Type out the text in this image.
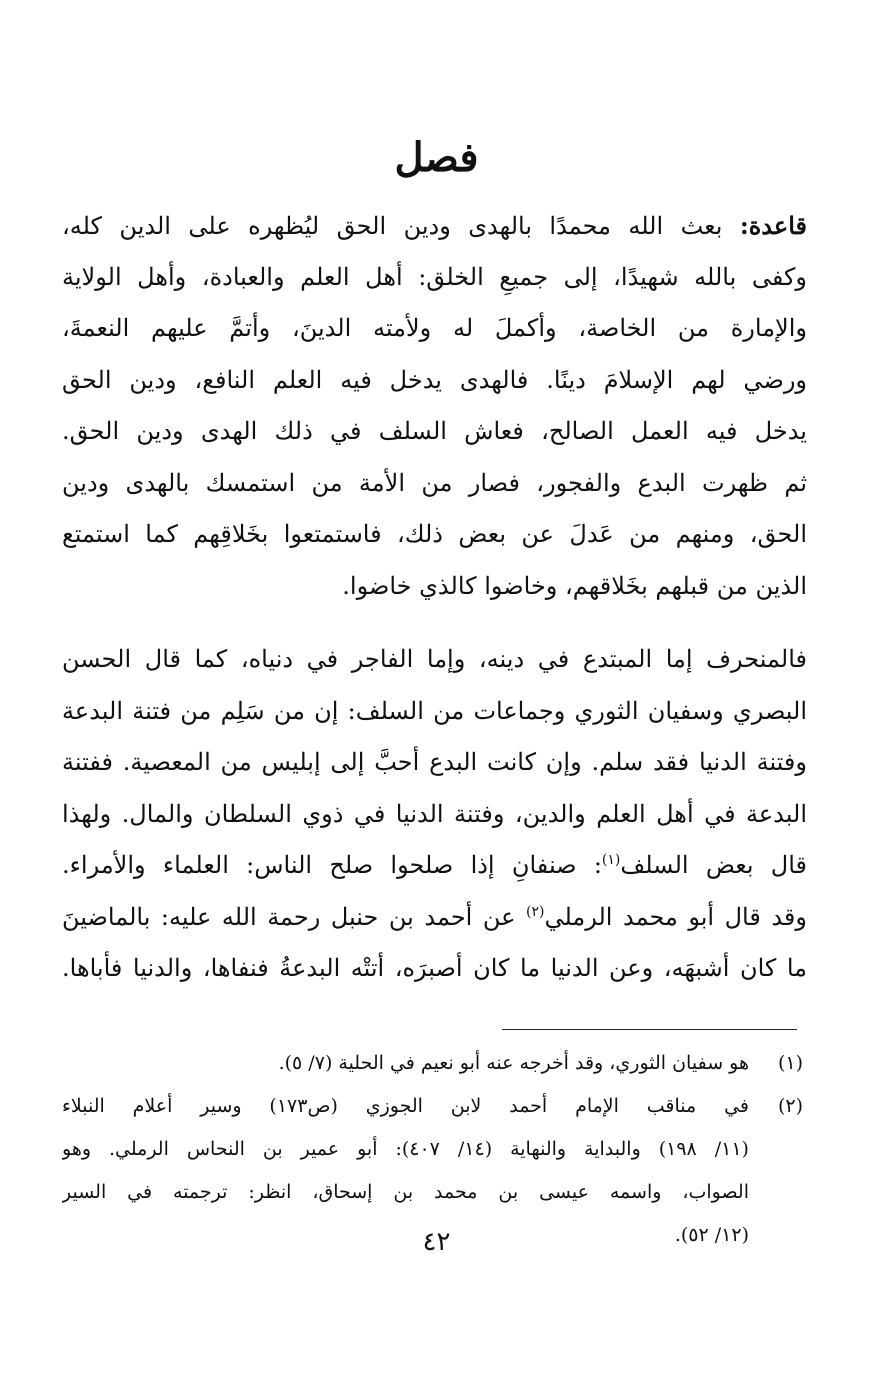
فصل
قاعدة: بعث الله محمدًا بالهدى ودين الحق ليُظهره على الدين كله،
وكفى بالله شهيدًا، إلى جميعِ الخلق: أهل العلم والعبادة، وأهل الولاية
والإمارة من الخاصة، وأكملَ له ولأمته الدينَ، وأتمَّ عليهم النعمةَ،
ورضي لهم الإسلامَ دينًا. فالهدى يدخل فيه العلم النافع، ودين الحق
يدخل فيه العمل الصالح، فعاش السلف في ذلك الهدى ودين الحق.
ثم ظهرت البدع والفجور، فصار من الأمة من استمسك بالهدى ودين
الحق، ومنهم من عَدلَ عن بعض ذلك، فاستمتعوا بخَلاقِهم كما استمتع
الذين من قبلهم بخَلاقهم، وخاضوا كالذي خاضوا.
فالمنحرف إما المبتدع في دينه، وإما الفاجر في دنياه، كما قال الحسن
البصري وسفيان الثوري وجماعات من السلف: إن من سَلِم من فتنة البدعة
وفتنة الدنيا فقد سلم. وإن كانت البدع أحبَّ إلى إبليس من المعصية. ففتنة
البدعة في أهل العلم والدين، وفتنة الدنيا في ذوي السلطان والمال. ولهذا
قال بعض السلف$^{(١)}$: صنفانِ إذا صلحوا صلح الناس: العلماء والأمراء.
وقد قال أبو محمد الرملي$^{(٢)}$ عن أحمد بن حنبل رحمة الله عليه: بالماضينَ
ما كان أشبهَه، وعن الدنيا ما كان أصبرَه، أتتْه البدعةُ فنفاها، والدنيا فأباها.
(١)
هو سفيان الثوري، وقد أخرجه عنه أبو نعيم في الحلية (٧/ ٥).
(٢)
في مناقب الإمام أحمد لابن الجوزي (ص١٧٣) وسير أعلام النبلاء
(١١/ ١٩٨) والبداية والنهاية (١٤/ ٤٠٧): أبو عمير بن النحاس الرملي. وهو
الصواب، واسمه عيسى بن محمد بن إسحاق، انظر: ترجمته في السير
(١٢/ ٥٢).
٤٢
